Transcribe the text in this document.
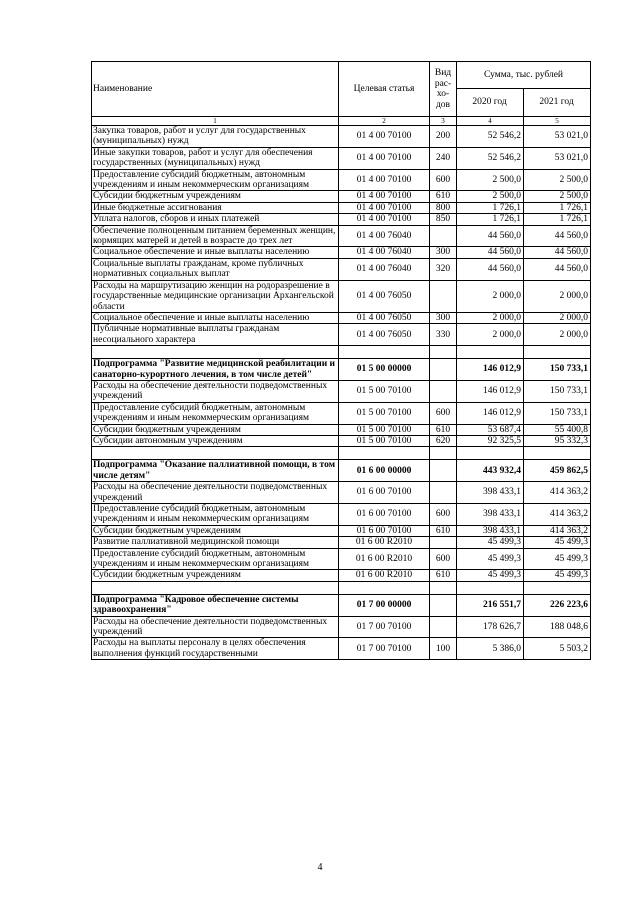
Наименование	Целевая статья	Вид рас-хо-дов	Сумма, тыс. рублей	
			2020 год	2021 год
1	2	3	4	5
Закупка товаров, работ и услуг для государственных (муниципальных) нужд	01 4 00 70100	200	52 546,2	53 021,0
Иные закупки товаров, работ и услуг для обеспечения государственных (муниципальных) нужд	01 4 00 70100	240	52 546,2	53 021,0
Предоставление субсидий бюджетным, автономным учреждениям и иным некоммерческим организациям	01 4 00 70100	600	2 500,0	2 500,0
Субсидии бюджетным учреждениям	01 4 00 70100	610	2 500,0	2 500,0
Иные бюджетные ассигнования	01 4 00 70100	800	1 726,1	1 726,1
Уплата налогов, сборов и иных платежей	01 4 00 70100	850	1 726,1	1 726,1
Обеспечение полноценным питанием беременных женщин, кормящих матерей и детей в возрасте до трех лет	01 4 00 76040		44 560,0	44 560,0
Социальное обеспечение и иные выплаты населению	01 4 00 76040	300	44 560,0	44 560,0
Социальные выплаты гражданам, кроме публичных нормативных социальных выплат	01 4 00 76040	320	44 560,0	44 560,0
Расходы на маршрутизацию женщин на родоразрешение в государственные медицинские организации Архангельской области	01 4 00 76050		2 000,0	2 000,0
Социальное обеспечение и иные выплаты населению	01 4 00 76050	300	2 000,0	2 000,0
Публичные нормативные выплаты гражданам несоциального характера	01 4 00 76050	330	2 000,0	2 000,0

Подпрограмма "Развитие медицинской реабилитации и санаторно-курортного лечения, в том числе детей"	01 5 00 00000		146 012,9	150 733,1
Расходы на обеспечение деятельности подведомственных учреждений	01 5 00 70100		146 012,9	150 733,1
Предоставление субсидий бюджетным, автономным учреждениям и иным некоммерческим организациям	01 5 00 70100	600	146 012,9	150 733,1
Субсидии бюджетным учреждениям	01 5 00 70100	610	53 687,4	55 400,8
Субсидии автономным учреждениям	01 5 00 70100	620	92 325,5	95 332,3

Подпрограмма "Оказание паллиативной помощи, в том числе детям"	01 6 00 00000		443 932,4	459 862,5
Расходы на обеспечение деятельности подведомственных учреждений	01 6 00 70100		398 433,1	414 363,2
Предоставление субсидий бюджетным, автономным учреждениям и иным некоммерческим организациям	01 6 00 70100	600	398 433,1	414 363,2
Субсидии бюджетным учреждениям	01 6 00 70100	610	398 433,1	414 363,2
Развитие паллиативной медицинской помощи	01 6 00 R2010		45 499,3	45 499,3
Предоставление субсидий бюджетным, автономным учреждениям и иным некоммерческим организациям	01 6 00 R2010	600	45 499,3	45 499,3
Субсидии бюджетным учреждениям	01 6 00 R2010	610	45 499,3	45 499,3

Подпрограмма "Кадровое обеспечение системы здравоохранения"	01 7 00 00000		216 551,7	226 223,6
Расходы на обеспечение деятельности подведомственных учреждений	01 7 00 70100		178 626,7	188 048,6
Расходы на выплаты персоналу в целях обеспечения выполнения функций государственными	01 7 00 70100	100	5 386,0	5 503,2
4
